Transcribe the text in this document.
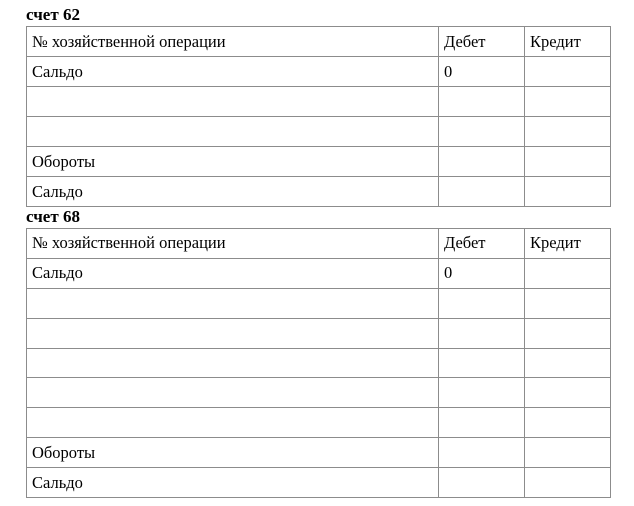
счет 62
№ хозяйственной операции	Дебет	Кредит
Сальдо	0	

Обороты		
Сальдо		
счет 68
№ хозяйственной операции	Дебет	Кредит
Сальдо	0	

Обороты		
Сальдо		
